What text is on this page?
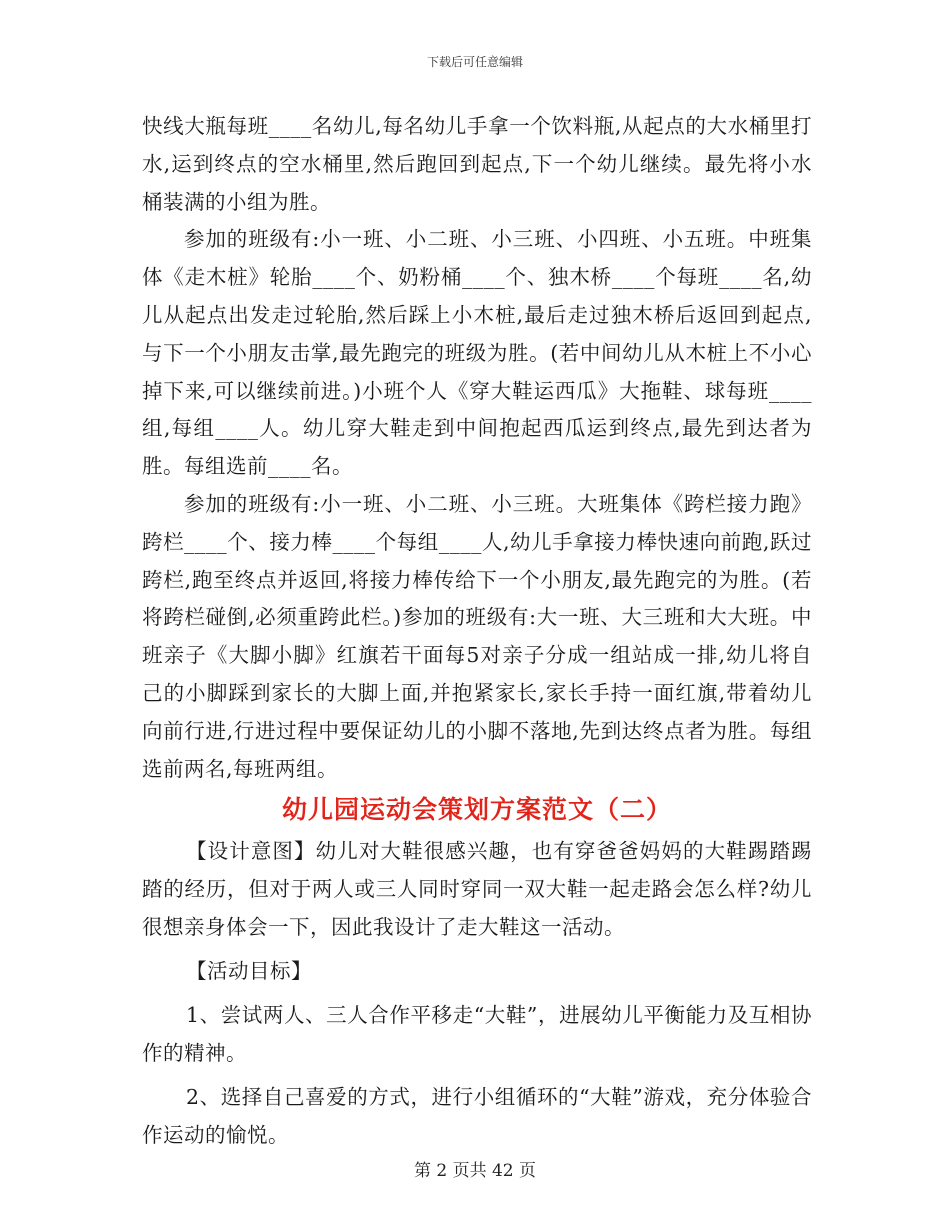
下载后可任意编辑

快线大瓶每班____名幼儿,每名幼儿手拿一个饮料瓶,从起点的大水桶里打水,运到终点的空水桶里,然后跑回到起点,下一个幼儿继续。最先将小水桶装满的小组为胜。

参加的班级有:小一班、小二班、小三班、小四班、小五班。中班集体《走木桩》轮胎____个、奶粉桶____个、独木桥____个每班____名,幼儿从起点出发走过轮胎,然后踩上小木桩,最后走过独木桥后返回到起点,与下一个小朋友击掌,最先跑完的班级为胜。(若中间幼儿从木桩上不小心掉下来,可以继续前进。)小班个人《穿大鞋运西瓜》大拖鞋、球每班____组,每组____人。幼儿穿大鞋走到中间抱起西瓜运到终点,最先到达者为胜。每组选前____名。

参加的班级有:小一班、小二班、小三班。大班集体《跨栏接力跑》跨栏____个、接力棒____个每组____人,幼儿手拿接力棒快速向前跑,跃过跨栏,跑至终点并返回,将接力棒传给下一个小朋友,最先跑完的为胜。(若将跨栏碰倒,必须重跨此栏。)参加的班级有:大一班、大三班和大大班。中班亲子《大脚小脚》红旗若干面每5对亲子分成一组站成一排,幼儿将自己的小脚踩到家长的大脚上面,并抱紧家长,家长手持一面红旗,带着幼儿向前行进,行进过程中要保证幼儿的小脚不落地,先到达终点者为胜。每组选前两名,每班两组。

幼儿园运动会策划方案范文（二）

【设计意图】幼儿对大鞋很感兴趣，也有穿爸爸妈妈的大鞋踢踏踢踏的经历，但对于两人或三人同时穿同一双大鞋一起走路会怎么样?幼儿很想亲身体会一下，因此我设计了走大鞋这一活动。

【活动目标】

1、尝试两人、三人合作平移走“大鞋”，进展幼儿平衡能力及互相协作的精神。

2、选择自己喜爱的方式，进行小组循环的“大鞋”游戏，充分体验合作运动的愉悦。

第 2 页共 42 页
